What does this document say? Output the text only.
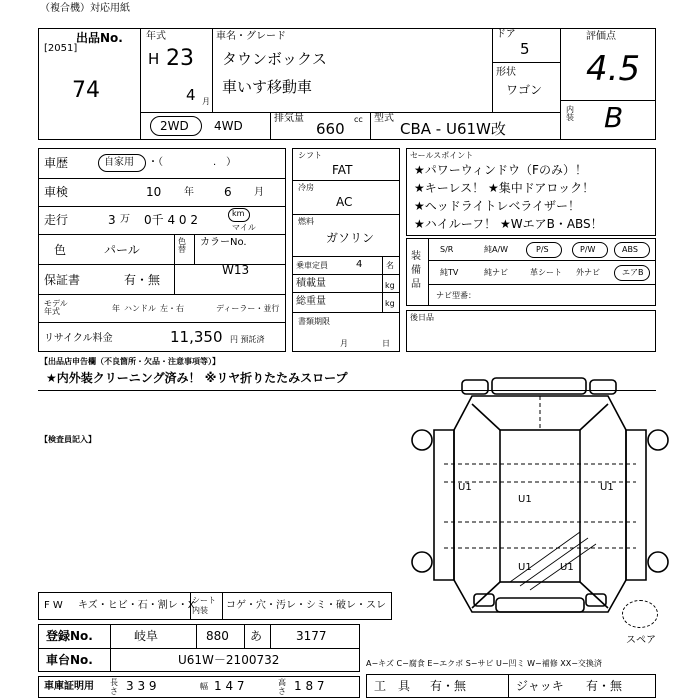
（複合機）対応用紙
出品No.
[2051]
74
年式
H 23
4 月
車名・グレード
タウンボックス
車いす移動車
ドア
5
形状
ワゴン
評価点
4.5
内装 B
2WD 4WD
排気量
660
cc 型式
CBA - U61W改
車歴	自家用 ・（　　　　　.　）
車検	10 年	6 月
走行	3 万 0千 4 0 2	km
マイル
色	パール
色替
カラーNo.
W13
保証書	有・無
モデル年式	年 ハンドル 左・右	ディーラー・並行
リサイクル料金	11,350 円 預託済
シフト
FAT
冷房
AC
燃料
ガソリン
乗車定員	4	名
積載量	kg
総重量	kg
書類期限
月	日
セールスポイント
★パワーウィンドウ（Fのみ）！
★キーレス！ ★集中ドアロック！
★ヘッドライトレベライザー！
★ハイルーフ！ ★WエアB・ABS！
装備品
S/R	純A/W	P/S	P/W	ABS
純TV	純ナビ	革シート 外ナビ	エアB
ナビ型番：
後日品
【出品店申告欄（不良箇所・欠品・注意事項等）】
★内外装クリーニング済み！ ※リヤ折りたたみスロープ
【検査員記入】
U1
U1
U1
U1	U1
スペア
F W キズ・ヒビ・石・割レ・X
シート内装	コゲ・穴・汚レ・シミ・破レ・スレ
登録No.	岐阜	880 あ	3177
車台No.	U61W－2100732
車庫証明用 長さ 3 3 9	幅 1 4 7	高さ 1 8 7
A−キズ C−腐食 E−エクボ S−サビ U−凹ミ W−補修 XX−交換済
工　具 有・無	ジャッキ 有・無
